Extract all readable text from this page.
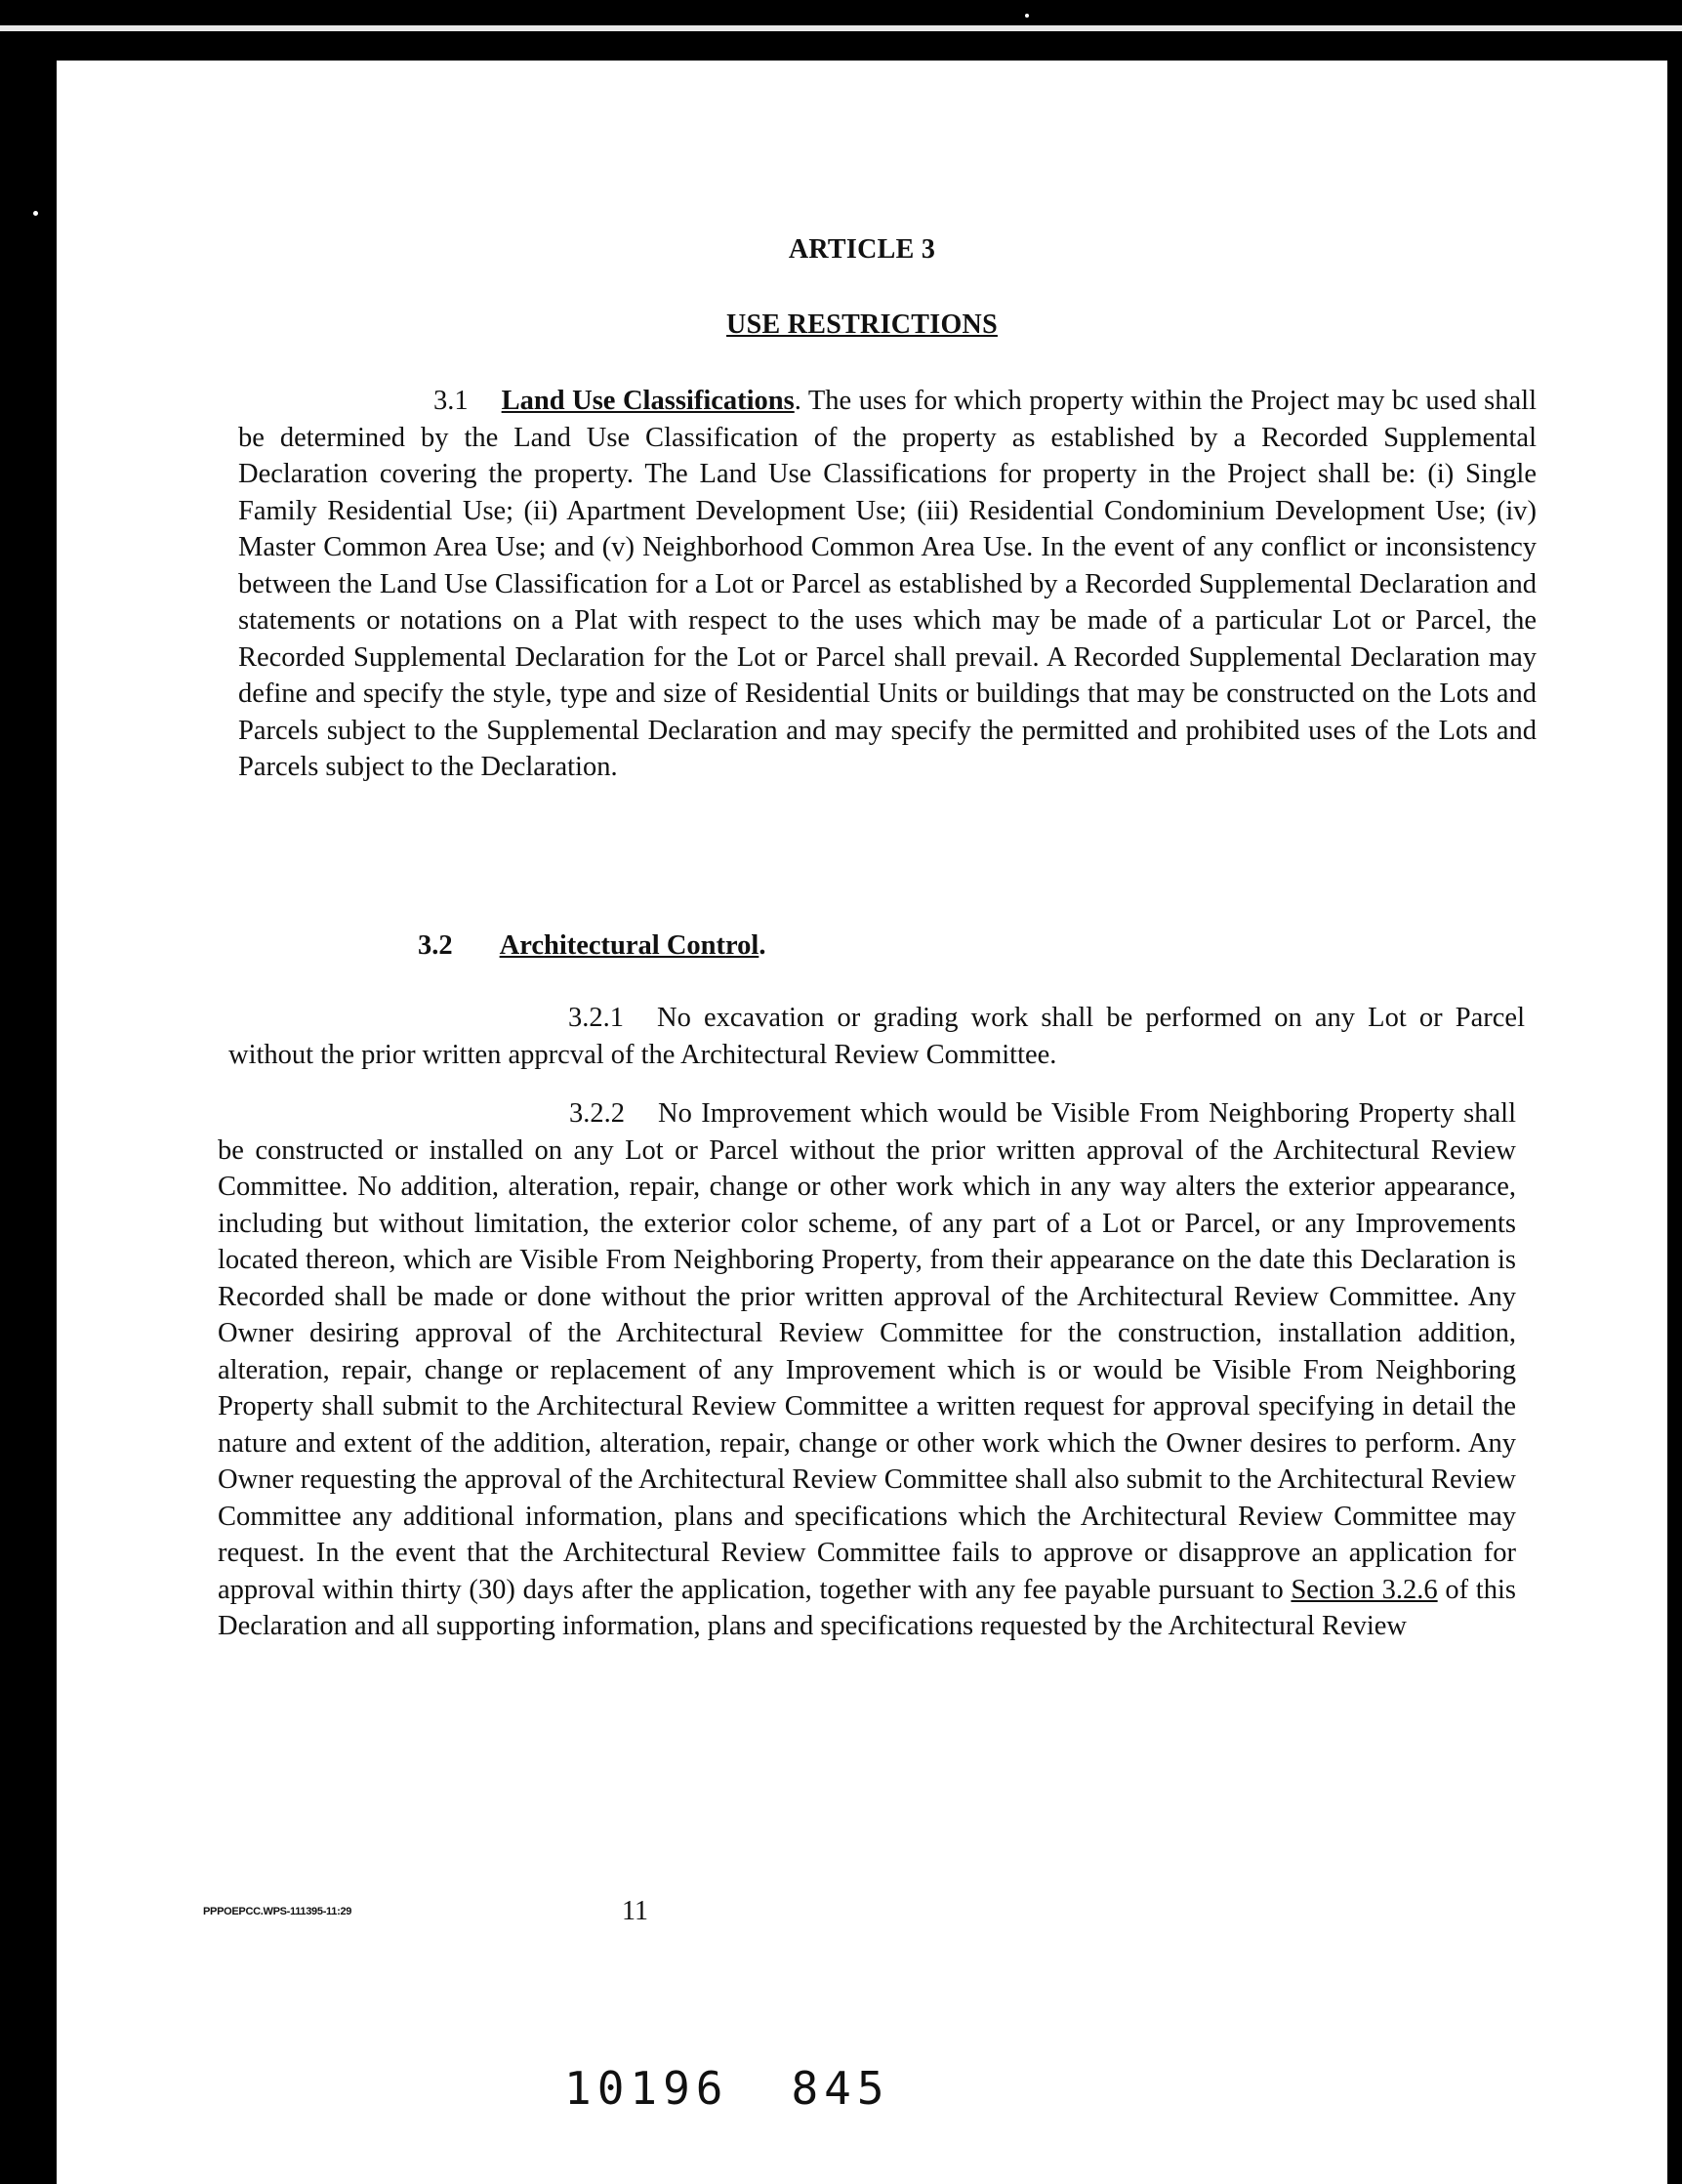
ARTICLE 3
USE RESTRICTIONS

3.1 Land Use Classifications. The uses for which property within the Project may bc used shall be determined by the Land Use Classification of the property as established by a Recorded Supplemental Declaration covering the property. The Land Use Classifications for property in the Project shall be: (i) Single Family Residential Use; (ii) Apartment Development Use; (iii) Residential Condominium Development Use; (iv) Master Common Area Use; and (v) Neighborhood Common Area Use. In the event of any conflict or inconsistency between the Land Use Classification for a Lot or Parcel as established by a Recorded Supplemental Declaration and statements or notations on a Plat with respect to the uses which may be made of a particular Lot or Parcel, the Recorded Supplemental Declaration for the Lot or Parcel shall prevail. A Recorded Supplemental Declaration may define and specify the style, type and size of Residential Units or buildings that may be constructed on the Lots and Parcels subject to the Supplemental Declaration and may specify the permitted and prohibited uses of the Lots and Parcels subject to the Declaration.

3.2 Architectural Control.

3.2.1 No excavation or grading work shall be performed on any Lot or Parcel without the prior written apprcval of the Architectural Review Committee.

3.2.2 No Improvement which would be Visible From Neighboring Property shall be constructed or installed on any Lot or Parcel without the prior written approval of the Architectural Review Committee. No addition, alteration, repair, change or other work which in any way alters the exterior appearance, including but without limitation, the exterior color scheme, of any part of a Lot or Parcel, or any Improvements located thereon, which are Visible From Neighboring Property, from their appearance on the date this Declaration is Recorded shall be made or done without the prior written approval of the Architectural Review Committee. Any Owner desiring approval of the Architectural Review Committee for the construction, installation addition, alteration, repair, change or replacement of any Improvement which is or would be Visible From Neighboring Property shall submit to the Architectural Review Committee a written request for approval specifying in detail the nature and extent of the addition, alteration, repair, change or other work which the Owner desires to perform. Any Owner requesting the approval of the Architectural Review Committee shall also submit to the Architectural Review Committee any additional information, plans and specifications which the Architectural Review Committee may request. In the event that the Architectural Review Committee fails to approve or disapprove an application for approval within thirty (30) days after the application, together with any fee payable pursuant to Section 3.2.6 of this Declaration and all supporting information, plans and specifications requested by the Architectural Review

PPPOEPCC.WPS-111395-11:29	11
10196 845
